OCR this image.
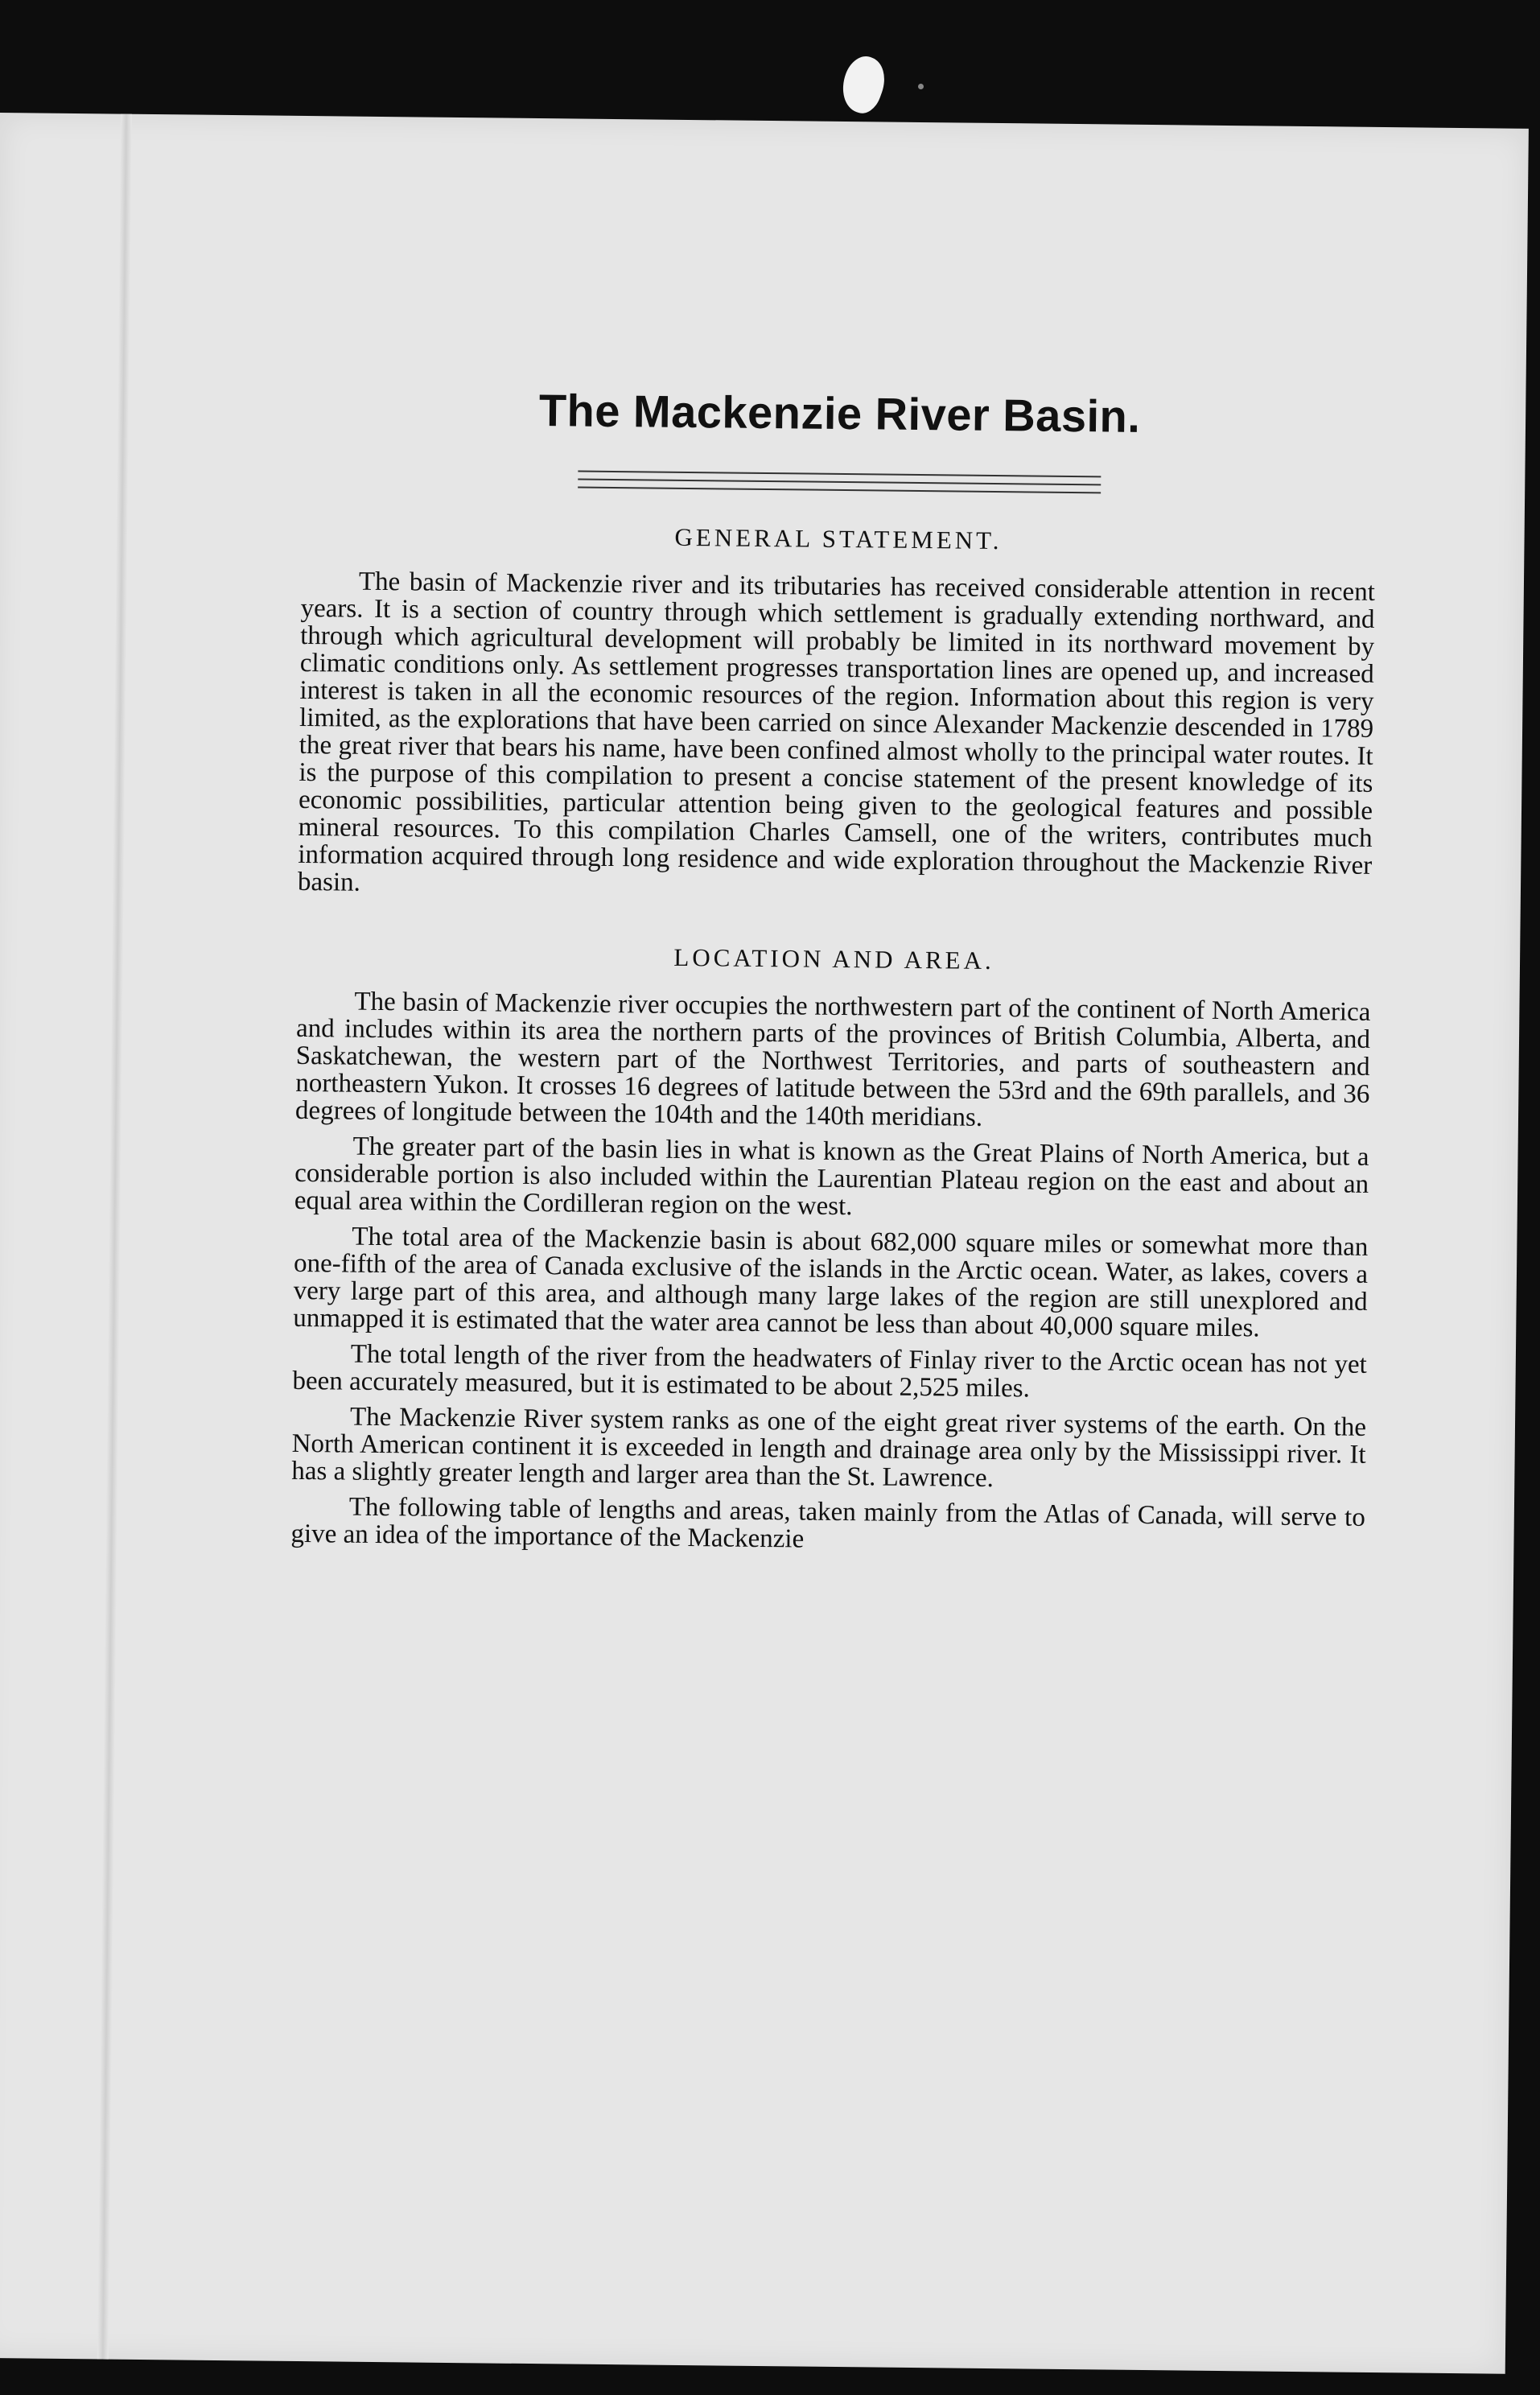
The Mackenzie River Basin.
GENERAL STATEMENT.

The basin of Mackenzie river and its tributaries has received considerable attention in recent years. It is a section of country through which settlement is gradually extending northward, and through which agricultural development will probably be limited in its northward movement by climatic conditions only. As settlement progresses transportation lines are opened up, and increased interest is taken in all the economic resources of the region. Information about this region is very limited, as the explorations that have been carried on since Alexander Mackenzie descended in 1789 the great river that bears his name, have been confined almost wholly to the principal water routes. It is the purpose of this compilation to present a concise statement of the present knowledge of its economic possibilities, particular attention being given to the geological features and possible mineral resources. To this compilation Charles Camsell, one of the writers, contributes much information acquired through long residence and wide exploration throughout the Mackenzie River basin.

LOCATION AND AREA.

The basin of Mackenzie river occupies the northwestern part of the continent of North America and includes within its area the northern parts of the provinces of British Columbia, Alberta, and Saskatchewan, the western part of the Northwest Territories, and parts of southeastern and northeastern Yukon. It crosses 16 degrees of latitude between the 53rd and the 69th parallels, and 36 degrees of longitude between the 104th and the 140th meridians.

The greater part of the basin lies in what is known as the Great Plains of North America, but a considerable portion is also included within the Laurentian Plateau region on the east and about an equal area within the Cordilleran region on the west.

The total area of the Mackenzie basin is about 682,000 square miles or somewhat more than one-fifth of the area of Canada exclusive of the islands in the Arctic ocean. Water, as lakes, covers a very large part of this area, and although many large lakes of the region are still unexplored and unmapped it is estimated that the water area cannot be less than about 40,000 square miles.

The total length of the river from the headwaters of Finlay river to the Arctic ocean has not yet been accurately measured, but it is estimated to be about 2,525 miles.

The Mackenzie River system ranks as one of the eight great river systems of the earth. On the North American continent it is exceeded in length and drainage area only by the Mississippi river. It has a slightly greater length and larger area than the St. Lawrence.

The following table of lengths and areas, taken mainly from the Atlas of Canada, will serve to give an idea of the importance of the Mackenzie
